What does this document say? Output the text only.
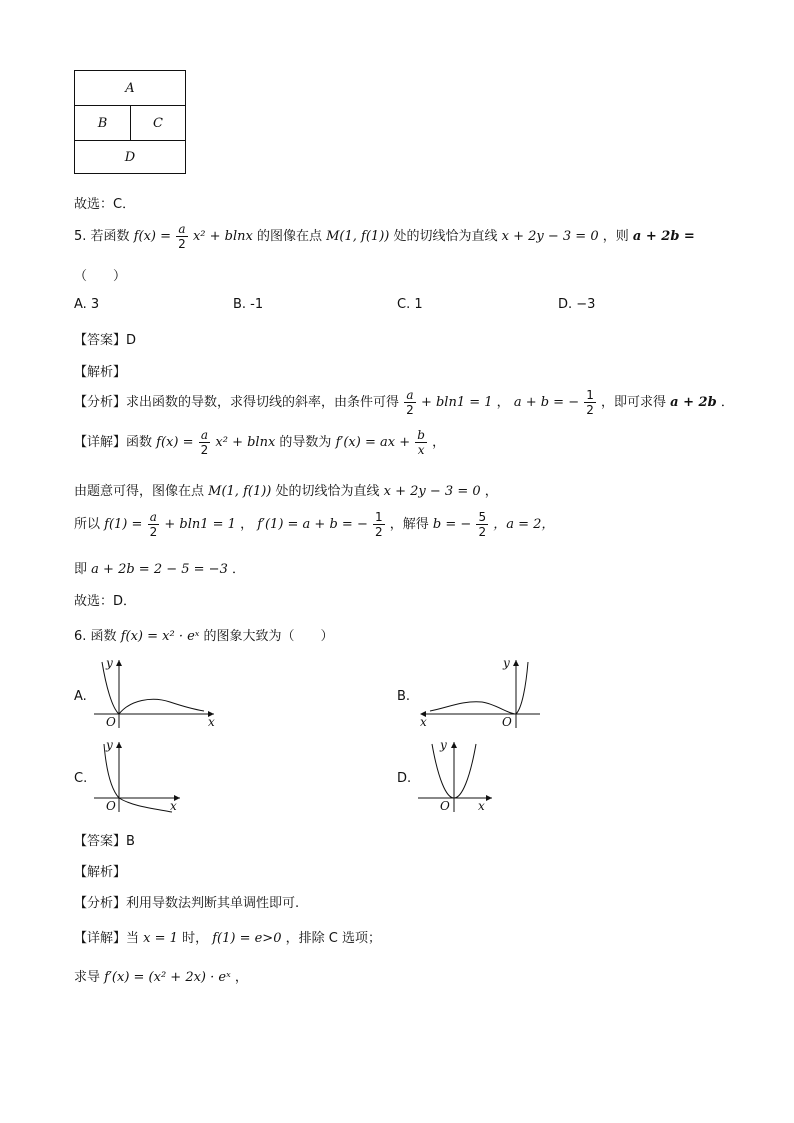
A
B	C
D
故选：C．
5. 若函数 $f(x) = \frac{a}{2} x^2 + blnx$ 的图像在点 M(1, f(1)) 处的切线恰为直线 x + 2y − 3 = 0 ，则 a + 2b =
（　　）
A. 3	B. -1	C. 1	D. −3
【答案】D
【解析】
【分析】求出函数的导数，求得切线的斜率，由条件可得 $\frac{a}{2} + bln1 = 1$ ， a + b = − $\frac{1}{2}$ ，即可求得 a + 2b ．
【详解】函数 $f(x) = \frac{a}{2} x^2 + blnx$ 的导数为 f′(x) = ax + $\frac{b}{x}$ ，
由题意可得，图像在点 M(1, f(1)) 处的切线恰为直线 x + 2y − 3 = 0 ，
所以 $f(1) = \frac{a}{2} + bln1 = 1$ ， f′(1) = a + b = − $\frac{1}{2}$ ，解得 b = − $\frac{5}{2}$ ，a = 2，
即 a + 2b = 2 − 5 = −3 ．
故选：D．
6. 函数 f(x) = x² · eˣ 的图象大致为（　　）
A.	B.
C.	D.
y
x
O
y
x	O
y
x
O
y
x
O
【答案】B
【解析】
【分析】利用导数法判断其单调性即可.
【详解】当 x = 1 时， f(1) = e>0 ，排除 C 选项；
求导 f′(x) = (x² + 2x) · eˣ ，
